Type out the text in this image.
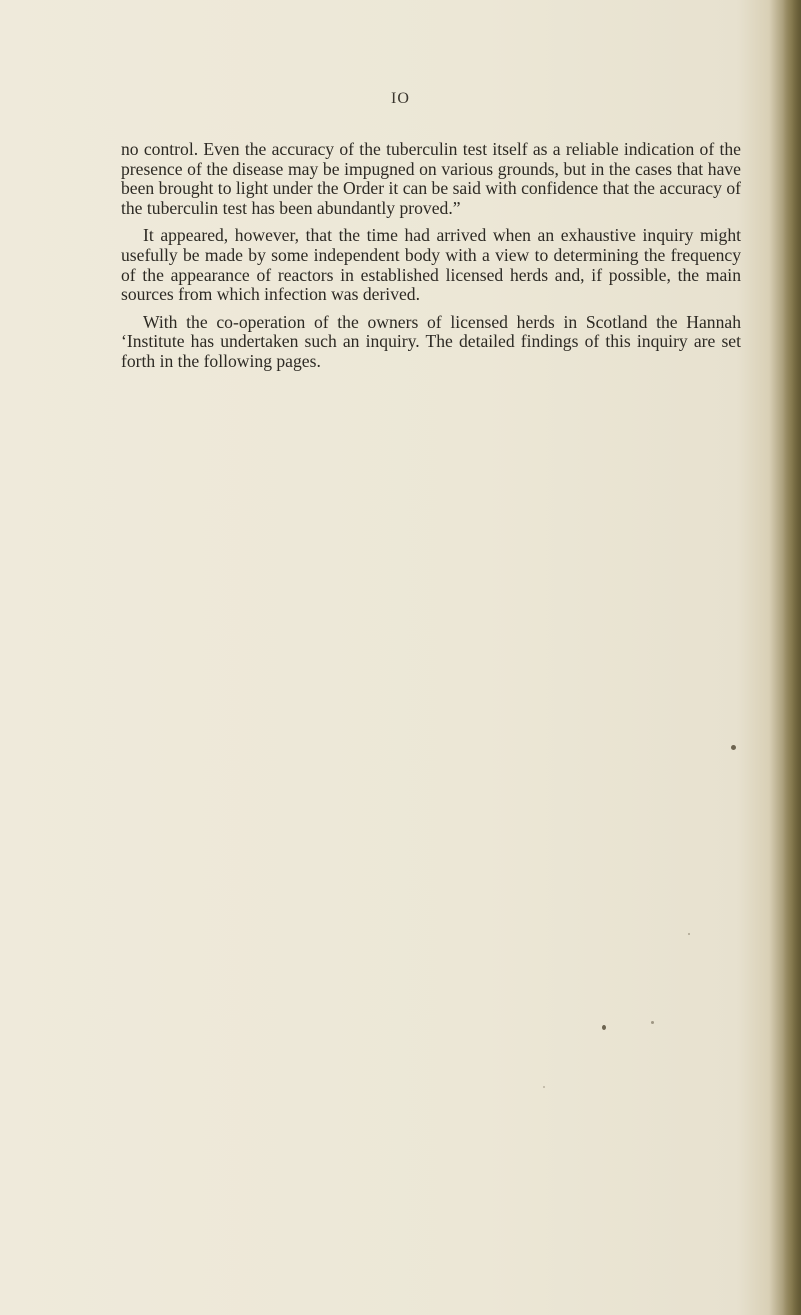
IO

no control. Even the accuracy of the tuberculin test itself as a reliable indication of the presence of the disease may be impugned on various grounds, but in the cases that have been brought to light under the Order it can be said with confidence that the accuracy of the tuberculin test has been abundantly proved.”

It appeared, however, that the time had arrived when an exhaustive inquiry might usefully be made by some independent body with a view to determining the frequency of the appearance of reactors in established licensed herds and, if possible, the main sources from which infection was derived.

With the co-operation of the owners of licensed herds in Scotland the Hannah ‘Institute has undertaken such an inquiry. The detailed findings of this inquiry are set forth in the following pages.
